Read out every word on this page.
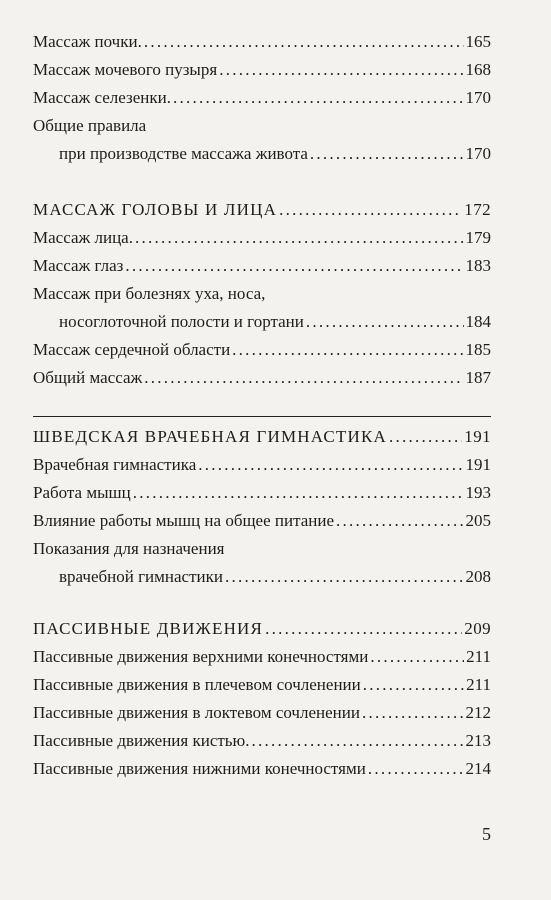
Массаж почки. . . .	165
Массаж мочевого пузыря . . .	168
Массаж селезенки. . . .	170
Общие правила
при производстве массажа живота . . .	170
МАССАЖ ГОЛОВЫ И ЛИЦА . . .	172
Массаж лица. . . .	179
Массаж глаз . . .	183
Массаж при болезнях уха, носа,
носоглоточной полости и гортани . . .	184
Массаж сердечной области . . .	185
Общий массаж . . .	187
ШВЕДСКАЯ ВРАЧЕБНАЯ ГИМНАСТИКА . . .	191
Врачебная гимнастика . . .	191
Работа мышц . . .	193
Влияние работы мышц на общее питание . . .	205
Показания для назначения
врачебной гимнастики . . .	208
ПАССИВНЫЕ ДВИЖЕНИЯ . . .	209
Пассивные движения верхними конечностями . . .	211
Пассивные движения в плечевом сочленении . . .	211
Пассивные движения в локтевом сочленении . . .	212
Пассивные движения кистью. . . .	213
Пассивные движения нижними конечностями . . .	214
5
